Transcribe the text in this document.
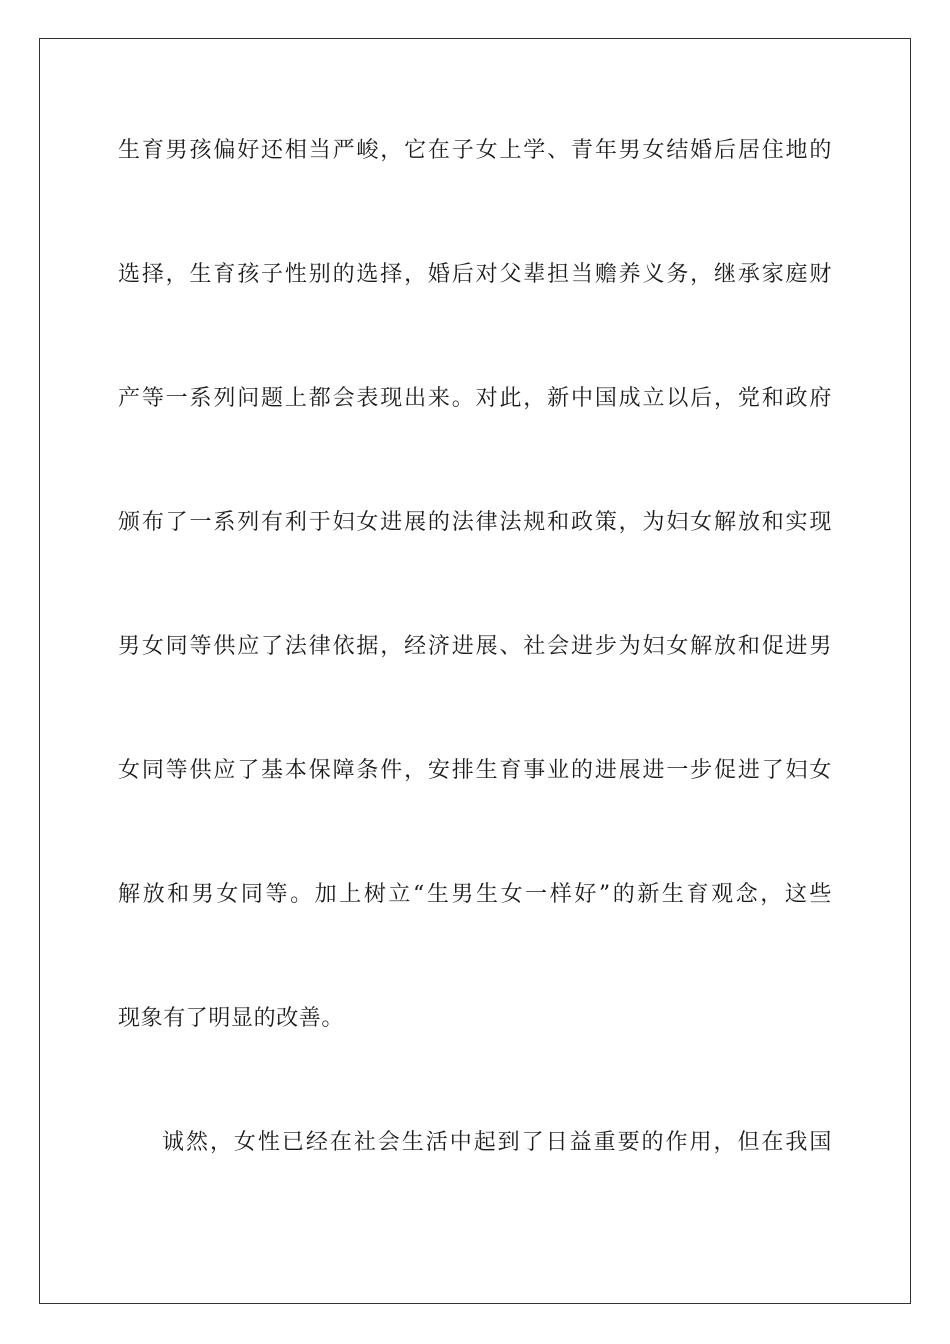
生育男孩偏好还相当严峻，它在子女上学、青年男女结婚后居住地的
选择，生育孩子性别的选择，婚后对父辈担当赡养义务，继承家庭财
产等一系列问题上都会表现出来。对此，新中国成立以后，党和政府
颁布了一系列有利于妇女进展的法律法规和政策，为妇女解放和实现
男女同等供应了法律依据，经济进展、社会进步为妇女解放和促进男
女同等供应了基本保障条件，安排生育事业的进展进一步促进了妇女
解放和男女同等。加上树立“生男生女一样好”的新生育观念，这些
现象有了明显的改善。
诚然，女性已经在社会生活中起到了日益重要的作用，但在我国
